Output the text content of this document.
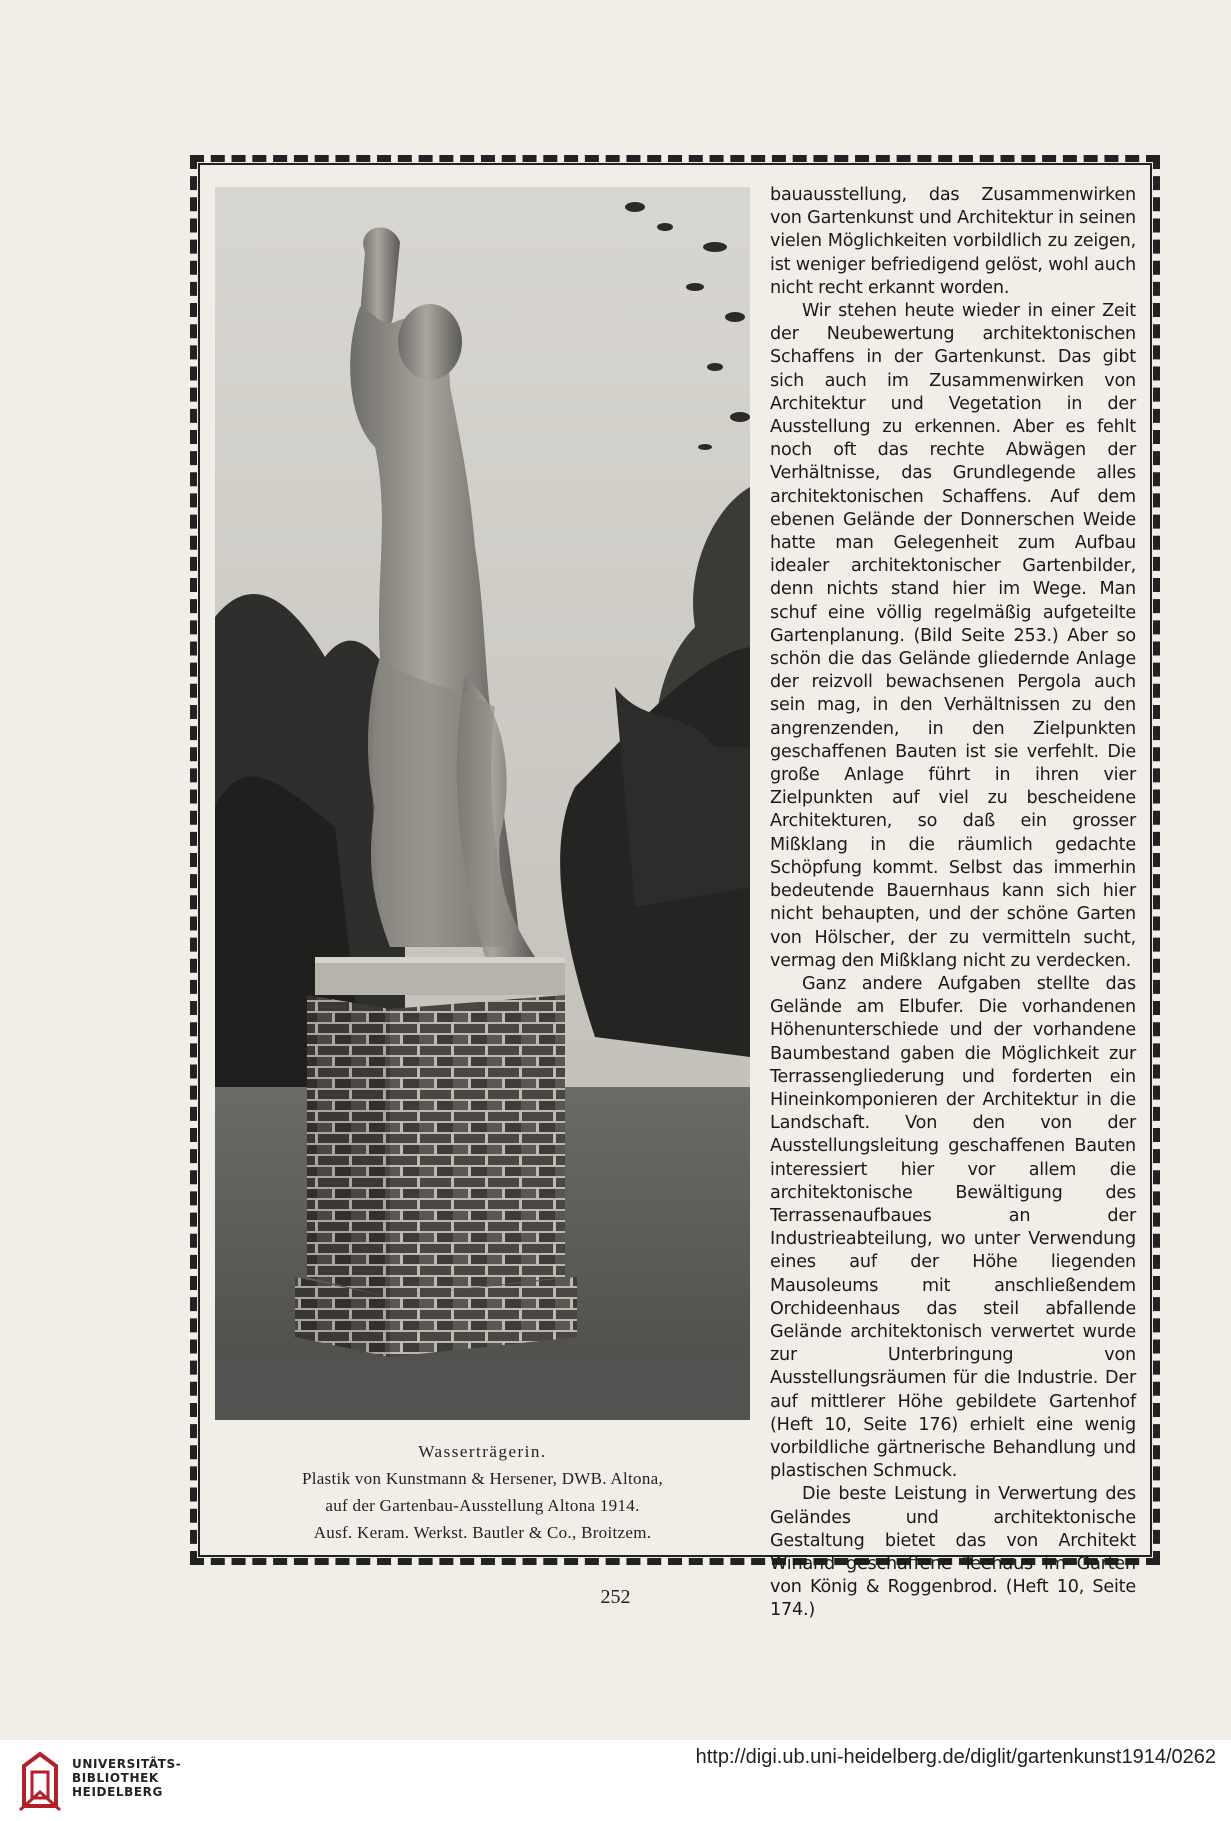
Wasserträgerin.
Plastik von Kunstmann & Hersener, DWB. Altona,
auf der Gartenbau-Ausstellung Altona 1914.
Ausf. Keram. Werkst. Bautler & Co., Broitzem.

bauausstellung, das Zusammenwirken von Gartenkunst und Architektur in seinen vielen Möglichkeiten vorbildlich zu zeigen, ist weniger befriedigend gelöst, wohl auch nicht recht erkannt worden.

Wir stehen heute wieder in einer Zeit der Neubewertung architektonischen Schaffens in der Gartenkunst. Das gibt sich auch im Zusammenwirken von Architektur und Vegetation in der Ausstellung zu erkennen. Aber es fehlt noch oft das rechte Abwägen der Verhältnisse, das Grundlegende alles architektonischen Schaffens. Auf dem ebenen Gelände der Donnerschen Weide hatte man Gelegenheit zum Aufbau idealer architektonischer Gartenbilder, denn nichts stand hier im Wege. Man schuf eine völlig regelmäßig aufgeteilte Gartenplanung. (Bild Seite 253.) Aber so schön die das Gelände gliedernde Anlage der reizvoll bewachsenen Pergola auch sein mag, in den Verhältnissen zu den angrenzenden, in den Zielpunkten geschaffenen Bauten ist sie verfehlt. Die große Anlage führt in ihren vier Zielpunkten auf viel zu bescheidene Architekturen, so daß ein grosser Mißklang in die räumlich gedachte Schöpfung kommt. Selbst das immerhin bedeutende Bauernhaus kann sich hier nicht behaupten, und der schöne Garten von Hölscher, der zu vermitteln sucht, vermag den Mißklang nicht zu verdecken.

Ganz andere Aufgaben stellte das Gelände am Elbufer. Die vorhandenen Höhenunterschiede und der vorhandene Baumbestand gaben die Möglichkeit zur Terrassengliederung und forderten ein Hineinkomponieren der Architektur in die Landschaft. Von den von der Ausstellungsleitung geschaffenen Bauten interessiert hier vor allem die architektonische Bewältigung des Terrassenaufbaues an der Industrieabteilung, wo unter Verwendung eines auf der Höhe liegenden Mausoleums mit anschließendem Orchideenhaus das steil abfallende Gelände architektonisch verwertet wurde zur Unterbringung von Ausstellungsräumen für die Industrie. Der auf mittlerer Höhe gebildete Gartenhof (Heft 10, Seite 176) erhielt eine wenig vorbildliche gärtnerische Behandlung und plastischen Schmuck.

Die beste Leistung in Verwertung des Geländes und architektonische Gestaltung bietet das von Architekt Winand geschaffene Teehaus im Garten von König & Roggenbrod. (Heft 10, Seite 174.)

252
UNIVERSITÄTS-
BIBLIOTHEK
HEIDELBERG
http://digi.ub.uni-heidelberg.de/diglit/gartenkunst1914/0262
